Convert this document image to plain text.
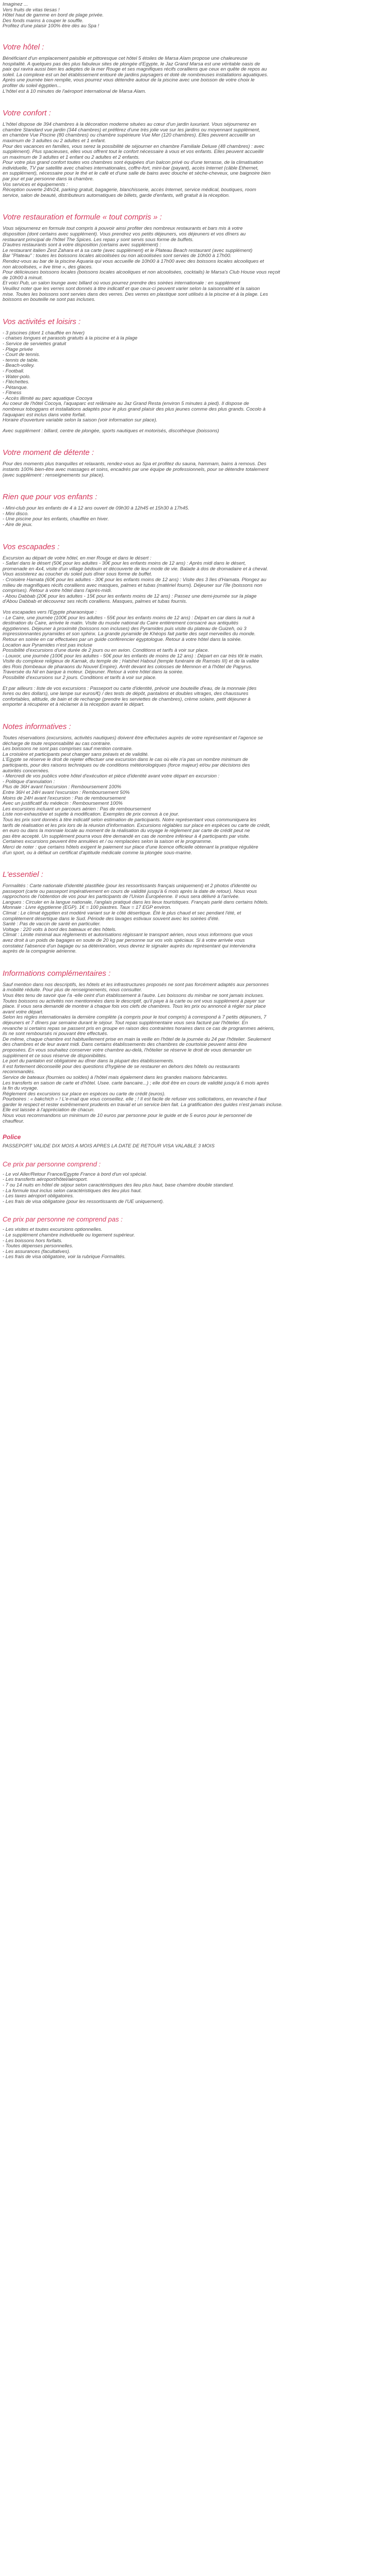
Imaginez ...

Vers fruits de vitas tiesas !

Hôtel haut de gamme en bord de plage privée.

Des fonds marins à couper le souffle.

Profitez d'une plaisir 100% être dès au Spa !

Votre hôtel :

Bénéficiant d'un emplacement paisible et pittoresque cet hôtel 5 étoiles de Marsa Alam propose une chaleureuse

hospitalité. A quelques pas des plus fabuleux sites de plongée d'Egypte, le Jaz Grand Marsa est une véritable oasis de

paix qui ravira aussi bien les adeptes de la mer Rouge et ses magnifiques récifs coralliens que ceux en quête de repos au

soleil. La complexe est un bel établissement entouré de jardins paysagers et doté de nombreuses installations aquatiques.

Après une journée bien remplie, vous pourrez vous détendre autour de la piscine avec une boisson de votre choix le

profiter du soleil égyptien...

L'hôtel est à 10 minutes de l'aéroport international de Marsa Alam.

Votre confort :

L'hôtel dispose de 394 chambres à la décoration moderne situées au cœur d'un jardin luxuriant. Vous séjournerez en

chambre Standard vue jardin (344 chambres) et préférez d'une très jolie vue sur les jardins ou moyennant supplément,

en chambre Vue Piscine (80 chambres) ou chambre supérieure Vue Mer (120 chambres). Elles peuvent accueillir un

maximum de 3 adultes ou 2 adultes et 1 enfant.

Pour des vacances en familles, vous serez la possibilité de séjourner en chambre Familiale Deluxe (48 chambres) : avec

supplément). Plus spacieuses, elles vous offrent tout le confort nécessaire à vous et vos enfants. Elles peuvent accueillir

un maximum de 3 adultes et 1 enfant ou 2 adultes et 2 enfants.

Pour votre plus grand confort toutes vos chambres sont équipées d'un balcon privé ou d'une terrasse, de la climatisation

individuelle, TV par satellite avec chaînes internationales, coffre-fort, mini-bar (payant), accès Internet (câble Ethernet,

en supplément), nécessaire pour le thé et le café et d'une salle de bains avec douche et sèche-cheveux, une baignoire bien

par jour et par personne dans la chambre.

Vos services et équipements :

Réception ouverte 24h/24, parking gratuit, bagagerie, blanchisserie, accès Internet, service médical, boutiques, room

service, salon de beauté, distributeurs automatiques de billets, garde d'enfants, wifi gratuit à la réception.

Votre restauration et formule « tout compris » :

Vous séjournerez en formule tout compris à pouvoir ainsi profiter des nombreux restaurants et bars mis à votre

disposition (dont certains avec supplément). Vous prendrez vos petits déjeuners, vos déjeuners et vos dîners au

restaurant principal de l'hôtel The Spices. Les repas y sont servis sous forme de buffets.

D'autres restaurants sont à votre disposition (certains avec supplément) :

Le restaurant italien Zest Zahara et à sa carte (avec supplément) et le Plateau Beach restaurant (avec supplément)

Bar "Plateau" : toutes les boissons locales alcoolisées ou non alcoolisées sont servies de 10h00 à 17h00.

Rendez-vous au bar de la piscine Aquaria qui vous accueille de 10h00 à 17h00 avec des boissons locales alcooliques et

non alcoolisées, « live time », des glaces.

Pour délicieuses boissons locales (boissons locales alcooliques et non alcoolisées, cocktails) le Marsa's Club House vous reçoit

de 10h00 à minuit.

Et voici Pub, un salon lounge avec billard où vous pourrez prendre des soirées internationale : en supplément

Veuillez noter que les verres sont donnés à titre indicatif et que ceux-ci peuvent varier selon la saisonnalité et la saison

mise. Toutes les boissons sont servies dans des verres. Des verres en plastique sont utilisés à la piscine et à la plage. Les

boissons en bouteille ne sont pas incluses.

Vos activités et loisirs :

- 3 piscines (dont 1 chauffée en hiver)

- chaises longues et parasols gratuits à la piscine et à la plage

- Service de serviettes gratuit

- Plage privée

- Court de tennis.

- tennis de table.

- Beach-volley.

- Football.

- Water-polo.

- Fléchettes.

- Pétanque.

- Fitness

- Accès illimité au parc aquatique Cocoya

Au coeur de l'hôtel Cocoya, l'aquaparc est relâmaire au Jaz Grand Resta (environ 5 minutes à pied). Il dispose de

nombreux toboggans et installations adaptés pour le plus grand plaisir des plus jeunes comme des plus grands. Cocolo à

l'aquaparc est inclus dans votre forfait.

Horaire d'ouverture variable selon la saison (voir information sur place).

Avec supplément : billard, centre de plongée, sports nautiques et motorisés, discothèque (boissons)

Votre moment de détente :

Pour des moments plus tranquilles et relaxants, rendez-vous au Spa et profitez du sauna, hammam, bains à remous. Des

instants 100% bien-être avec massages et soins, encadrés par une équipe de professionnels, pour se détendre totalement

(avec supplément : renseignements sur place).

Rien que pour vos enfants :

- Mini-club pour les enfants de 4 à 12 ans ouvert de 09h30 à 12h45 et 15h30 à 17h45.

- Mini disco.

- Une piscine pour les enfants, chauffée en hiver.

- Aire de jeux.

Vos escapades :

Excursion au départ de votre hôtel, en mer Rouge et dans le désert :

- Safari dans le désert (50€ pour les adultes - 30€ pour les enfants moins de 12 ans) : Après midi dans le désert,

promenade en 4x4, visite d'un village bédouin et découverte de leur mode de vie. Balade à dos de dromadaire et à cheval.

Vous assisterez au coucher du soleil puis dîner sous forme de buffet.

- Croisière Hamata (60€ pour les adultes - 30€ pour les enfants moins de 12 ans) : Visite des 3 îles d'Hamata. Plongez au

milieu de magnifiques récifs coralliens avec masques, palmes et tubas (matériel fourni). Déjeuner sur l'île (boissons non

comprises). Retour à votre hôtel dans l'après-midi.

- Abou Dabbab (20€ pour les adultes - 15€ pour les enfants moins de 12 ans) : Passez une demi-journée sur la plage

d'Abou Dabbab et découvrez ses récifs coralliens. Masques, palmes et tubas fournis.

Vos escapades vers l'Egypte pharaonique :

- Le Caire, une journée (100€ pour les adultes - 55€ pour les enfants moins de 12 ans) : Départ en car dans la nuit à

destination du Caire, arrivée le matin. Visite du musée national du Caire entièrement consacré aux antiquités

égyptiennes. Déjeuner à proximité (boissons non incluses) des Pyramides puis visite du plateau de Guizeh, où 3

impressionnantes pyramides et son sphinx. La grande pyramide de Khéops fait partie des sept merveilles du monde.

Retour en soirée en car effectuées par un guide conférencier égyptologue. Retour à votre hôtel dans la soirée.

Location aux Pyramides n'est pas incluse

Possibilité d'excursions d'une durée de 2 jours ou en avion. Conditions et tarifs à voir sur place.

- Louxor, une journée (100€ pour les adultes - 50€ pour les enfants de moins de 12 ans) : Départ en car très tôt le matin.

Visite du complexe religieux de Karnak, du temple de ; Hatshet Haboul (temple funéraire de Ramsès III) et de la vallée

des Rois (tombeaux de pharaons du Nouvel Empire). Arrêt devant les colosses de Memnon et à l'hôtel de Papyrus.

Traversée du Nil en barque à moteur. Déjeuner. Retour à votre hôtel dans la soirée.

Possibilité d'excursions sur 2 jours. Conditions et tarifs à voir sur place.

Et par ailleurs : liste de vos excursions : Passeport ou carte d'identité, prévoir une bouteille d'eau, de la monnaie (des

livres ou des dollars), une lampe sur euros/€) / des tests de dépôt, pantalons et doubles vitrages, des chaussures

confortables, altitude, de bain et de rechange (prendre les serviettes de chambres), crème solaire, petit déjeuner à

emporter à récupérer et à réclamer à la réception avant le départ.

Notes informatives :

Toutes réservations (excursions, activités nautiques) doivent être effectuées auprès de votre représentant et l'agence se

décharge de toute responsabilité au cas contraire.

Les boissons ne sont pas comprises sauf mention contraire.

La croisière et participants peut changer sans préavis et de validité.

L'Egypte se réserve le droit de rejeter effectuer une excursion dans le cas où elle n'a pas un nombre minimum de

participants, pour des raisons techniques ou de conditions météorologiques (force majeur) et/ou par décisions des

autorités concernées.

- Mercredi de vos publics votre hôtel d'exécution et pièce d'identité avant votre départ en excursion :

- Politique d'annulation :

Plus de 36H avant l'excursion : Remboursement 100%

Entre 36H et 24H avant l'excursion : Remboursement 50%

Moins de 24H avant l'excursion : Pas de remboursement

Avec un justificatif du médecin : Remboursement 100%

Les excursions incluant un parcours aérien : Pas de remboursement

Liste non-exhaustive et sujette à modification. Exemples de prix connus à ce jour.

Tous les prix sont donnés à titre indicatif selon estimation de participants. Notre représentant vous communiquera les

tarifs de réalisation et les prix lors de la réunion d'information. Excursions réglables sur place en espèces ou carte de crédit,

en euro ou dans la monnaie locale au moment de la réalisation du voyage le règlement par carte de crédit peut ne

pas être accepté. Un supplément pourra vous être demandé en cas de nombre inférieur à 4 participants par visite.

Certaines excursions peuvent être annulées et / ou remplacées selon la saison et le programme.

Merci de noter : que certains hôtels exigent le paiement sur place d'une licence officielle obtenant la pratique régulière

d'un sport, ou à défaut un certificat d'aptitude médicale comme la plongée sous-marine.

L'essentiel :

Formalités : Carte nationale d'identité plastifiée (pour les ressortissants français uniquement) et 2 photos d'identité ou

passeport (carte ou passeport impérativement en cours de validité jusqu'à 6 mois après la date de retour). Nous vous

rapprochons de l'obtention de vos pour les participants de l'Union Européenne. Il vous sera délivré à l'arrivée.

Langues : Circuler en la langue nationale, l'anglais pratiqué dans les lieux touristiques. Français parlé dans certains hôtels.

Monnaie : Livre égyptienne (EGP). 1€ = 100 piastres. Taux = 17 EGP environ.

Climat : Le climat égyptien est modéré variant sur le côté désertique. Été le plus chaud et sec pendant l'été, et

complètement désertique dans le Sud. Période des lavages estivaux souvent avec les soirées d'été.

Santé : Pas de vaccin de santé en particulier.

Voltage : 220 volts à bord des bateaux et des hôtels.

Climat : Limite minimal aux règlements et autorisations régissant le transport aérien, nous vous informons que vous

avez droit à un poids de bagages en soute de 20 kg par personne sur vos vols spéciaux. Si à votre arrivée vous

constatez l'absence d'un bagage ou sa détérioration, vous devrez le signaler auprès du représentant qui interviendra

auprès de la compagnie aérienne.

Informations complémentaires :

Sauf mention dans nos descriptifs, les hôtels et les infrastructures proposés ne sont pas forcément adaptés aux personnes

à mobilité réduite. Pour plus de renseignements, nous consulter.

Vous êtes tenu de savoir que l'a -elle ceint d'un établissement à l'autre. Les boissons du minibar ne sont jamais incluses.

Toutes boissons ou activités non mentionnées dans le descriptif, qu'il paye à la carte ou ont vous supplément à payer sur

place. Il vous sera demandé de montrer à chaque fois vos clefs de chambres. Tous les prix ou annoncé à régler sur place

avant votre départ.

Selon les règles internationales la dernière complète (a compris pour le tout compris) à correspond à 7 petits déjeuners, 7

déjeuners et 7 dîners par semaine durant le séjour. Tout repas supplémentaire vous sera facturé par l'hôtelier. En

revanche si certains repas se passent pris en groupe en raison des contraintes horaires dans ce cas de programmes aériens,

ils ne sont remboursés ni pouvant être effectués.

De même, chaque chambre est habituellement prise en main la veille en l'hôtel de la journée du 24 par l'hôtelier. Seulement

des chambres et de leur avant midi. Dans certains établissements des chambres de courtoisie peuvent ainsi être

proposées. En vous souhaitez conserver votre chambre au-delà, l'hôtelier se réserve le droit de vous demander un

supplément et ce sous réserve de disponibilités.

Le port du pantalon est obligatoire au dîner dans la plupart des établissements.

Il est fortement déconseillé pour des questions d'hygiène de se restaurer en dehors des hôtels ou restaurants

recommandés.

Service de bateaux (fournies ou soldes) à l'hôtel mais également dans les grandes maisons fabricantes.

Les transferts en saison de carte et d'hôtel. Usee. carte bancaire...) ; elle doit être en cours de validité jusqu'à 6 mois après

la fin du voyage.

Réglement des excursions sur place en espèces ou carte de crédit (euros).

Pourboires : « bakchich » ! L'e-mail que vous conseillez. elle ; ! Il est facile de refuser vos sollicitations, en revanche il faut

garder le respect et rester extrêmement prudents en travail et un service bien fait. La gratification des guides n'est jamais incluse.

Elle est laissée à l'appréciation de chacun.

Nous vous recommandons un minimum de 10 euros par personne pour le guide et de 5 euros pour le personnel de

chauffeur.

Police

PASSEPORT VALIDE DIX MOIS A MOIS APRES LA DATE DE RETOUR VISA VALABLE 3 MOIS

Ce prix par personne comprend :

- Le vol Aller/Retour France/Egypte France à bord d'un vol spécial.

- Les transferts aéroport/hôtel/aéroport.

- 7 ou 14 nuits en hôtel de séjour selon caractéristiques des lieu plus haut, base chambre double standard.

- La formule tout inclus selon caractéristiques des lieu plus haut.

- Les taxes aéroport obligatoires.

- Les frais de visa obligatoire (pour les ressortissants de l'UE uniquement).

Ce prix par personne ne comprend pas :

- Les visites et toutes excursions optionnelles.

- Le supplément chambre individuelle ou logement supérieur.

- Les boissons hors forfaits.

- Toutes dépenses personnelles.

- Les assurances (facultatives).

- Les frais de visa obligatoire, voir la rubrique Formalités.
